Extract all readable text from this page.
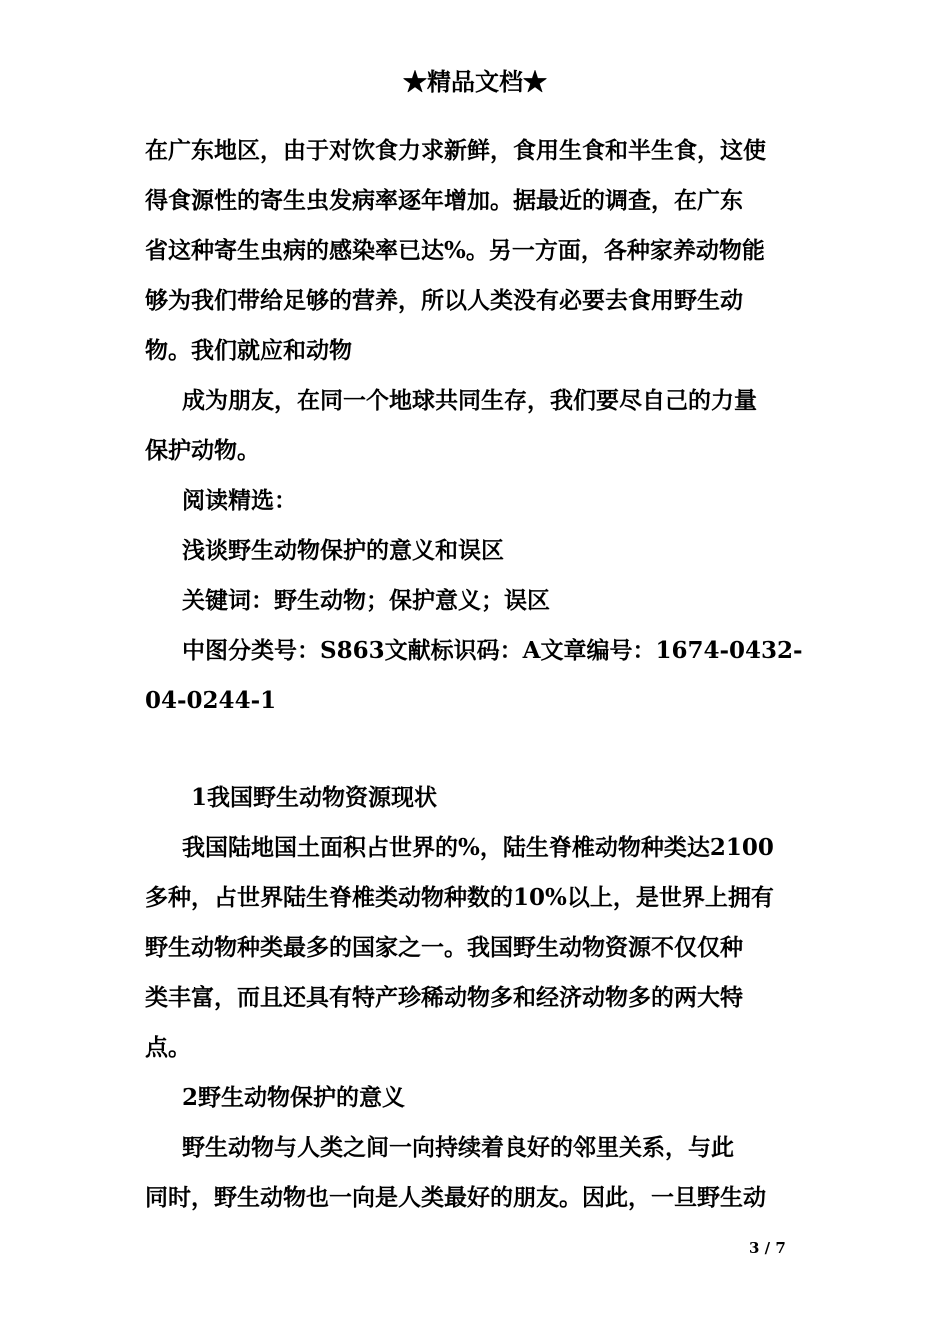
★精品文档★
在广东地区，由于对饮食力求新鲜，食用生食和半生食，这使
得食源性的寄生虫发病率逐年增加。据最近的调查，在广东
省这种寄生虫病的感染率已达%。另一方面，各种家养动物能
够为我们带给足够的营养，所以人类没有必要去食用野生动
物。我们就应和动物
成为朋友，在同一个地球共同生存，我们要尽自己的力量
保护动物。
阅读精选：
浅谈野生动物保护的意义和误区
关键词：野生动物；保护意义；误区
中图分类号：S863文献标识码：A文章编号：1674-0432-
04-0244-1
1我国野生动物资源现状
我国陆地国土面积占世界的%，陆生脊椎动物种类达2100
多种，占世界陆生脊椎类动物种数的10%以上，是世界上拥有
野生动物种类最多的国家之一。我国野生动物资源不仅仅种
类丰富，而且还具有特产珍稀动物多和经济动物多的两大特
点。
2野生动物保护的意义
野生动物与人类之间一向持续着良好的邻里关系，与此
同时，野生动物也一向是人类最好的朋友。因此，一旦野生动
3 / 7
